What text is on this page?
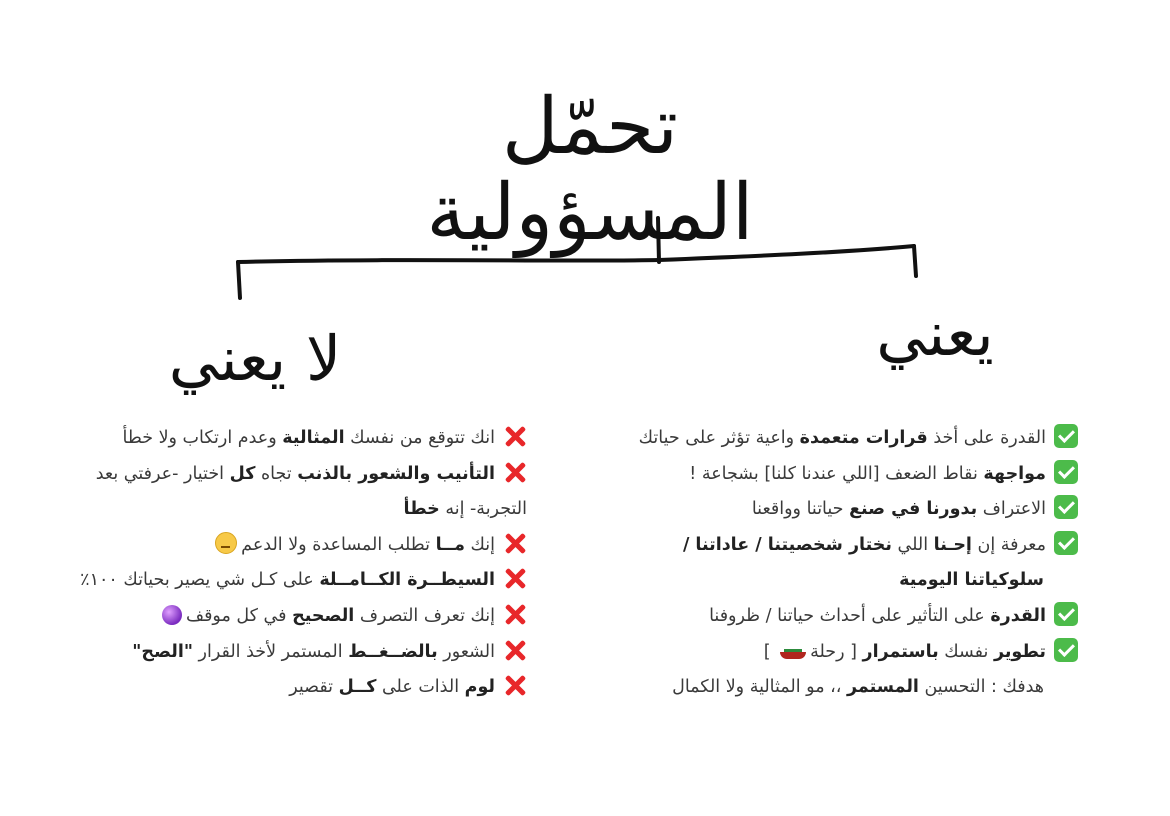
تحمّل المسؤولية
يعني
لا يعني
القدرة على أخذ قرارات متعمدة واعية تؤثر على حياتك
مواجهة نقاط الضعف [اللي عندنا كلنا] بشجاعة !
الاعتراف بدورنا في صنع حياتنا وواقعنا
معرفة إن إحـنا اللي نختار شخصيتنا / عاداتنا /
سلوكياتنا اليومية
القدرة على التأثير على أحداث حياتنا / ظروفنا
تطوير نفسك باستمرار [ رحلة ]
هدفك : التحسين المستمر ،، مو المثالية ولا الكمال
انك تتوقع من نفسك المثالية وعدم ارتكاب ولا خطأ
التأنيب والشعور بالذنب تجاه كل اختيار -عرفتي بعد
التجربة- إنه خطأ
إنك مــا تطلب المساعدة ولا الدعم
السيطــرة الكــامــلة على كـل شي يصير بحياتك ١٠٠٪
إنك تعرف التصرف الصحيح في كل موقف
الشعور بالضــغــط المستمر لأخذ القرار "الصح"
لوم الذات على كــل تقصير
